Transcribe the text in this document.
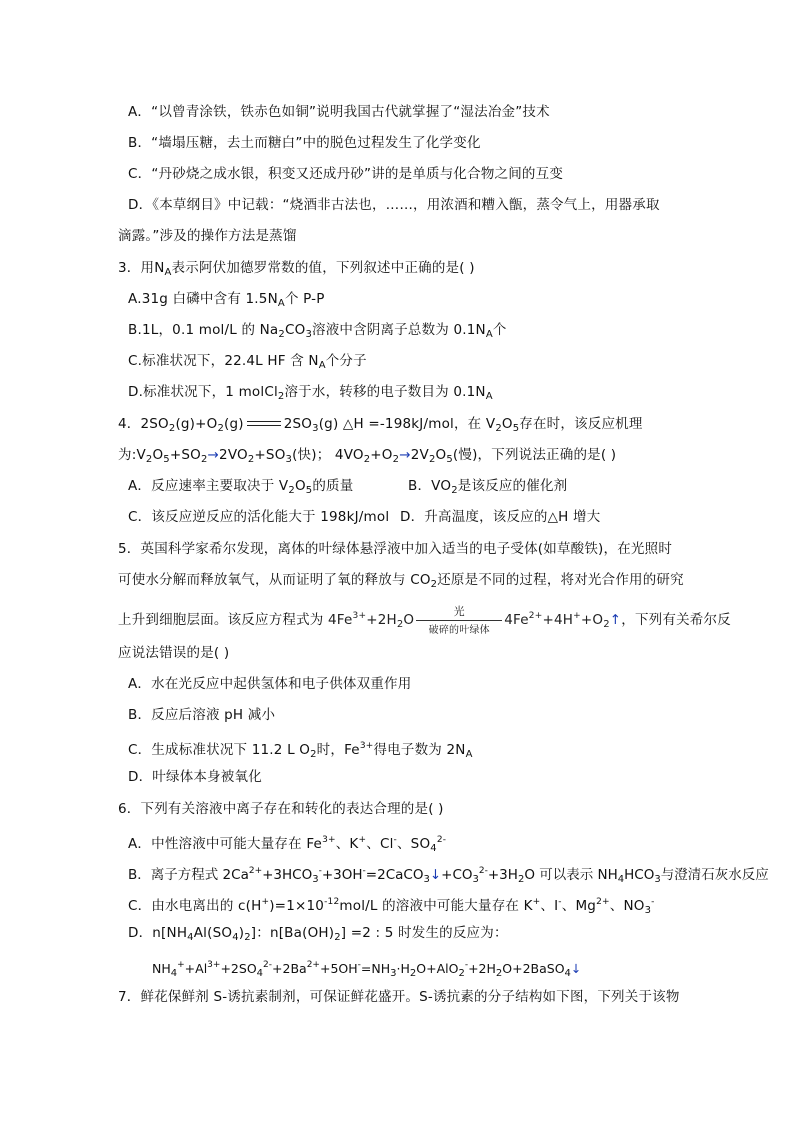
A．“以曾青涂铁，铁赤色如铜”说明我国古代就掌握了“湿法冶金”技术
B．“墙塌压糖，去土而糖白”中的脱色过程发生了化学变化
C．“丹砂烧之成水银，积变又还成丹砂”讲的是单质与化合物之间的互变
D．《本草纲目》中记载：“烧酒非古法也，……，用浓酒和糟入甑，蒸令气上，用器承取
滴露。”涉及的操作方法是蒸馏
3．用$N_A$表示阿伏加德罗常数的值，下列叙述中正确的是( )
A.31g 白磷中含有 $1.5N_A$个 P-P
B.1L，0.1 mol/L 的 $Na_2CO_3$溶液中含阴离子总数为 $0.1N_A$个
C.标准状况下，22.4L HF 含 $N_A$个分子
D.标准状况下，1 molCl$_2$溶于水，转移的电子数目为 $0.1N_A$
4．$2SO_2(g)+O_2(g)$	$2SO_3(g)$ △H =-198kJ/mol，在 $V_2O_5$存在时，该反应机理
为$:V_2O_5+SO_2\to 2VO_2+SO_3$(快)； $4VO_2+O_2\to 2V_2O_5$(慢)，下列说法正确的是( )
A．反应速率主要取决于 $V_2O_5$的质量	B．$VO_2$是该反应的催化剂
C．该反应逆反应的活化能大于 198kJ/mol D．升高温度，该反应的△H 增大
5．英国科学家希尔发现，离体的叶绿体悬浮液中加入适当的电子受体(如草酸铁)，在光照时
可使水分解而释放氧气，从而证明了氧的释放与 $CO_2$还原是不同的过程，将对光合作用的研究
上升到细胞层面。该反应方程式为 $4Fe^{3+}+2H_2O \frac{\text{光}}{\text{破碎的叶绿体}}$ $4Fe^{2+}+4H^++O_2↑$，下列有关希尔反
应说法错误的是( )
A．水在光反应中起供氢体和电子供体双重作用
B．反应后溶液 pH 减小
C．生成标准状况下 11.2 L $O_2$时，$Fe^{3+}$得电子数为 $2N_A$
D．叶绿体本身被氧化
6．下列有关溶液中离子存在和转化的表达合理的是( )
A．中性溶液中可能大量存在 $Fe^{3+}$、K+、Cl-、$SO_4^{2-}$
B．离子方程式 $2Ca^{2+}+3HCO_3^-+3OH^-=2CaCO_3↓+CO_3^{2-}+3H_2O$ 可以表示 $NH_4HCO_3$与澄清石灰水反应
C．由水电离出的 $c(H^+)=1\times 10^{-12}mol/L$ 的溶液中可能大量存在 K+、I-、$Mg^{2+}$、$NO_3^-$
D．$n[NH_4Al(SO_4)_2]$：$n[Ba(OH)_2] =2$ : 5 时发生的反应为：
$NH_4^++Al^{3+}+2SO_4^{2-}+2Ba^{2+}+5OH^-=NH_3\cdot H_2O+AlO_2^-+2H_2O+2BaSO_4↓$
7．鲜花保鲜剂 S-诱抗素制剂，可保证鲜花盛开。S-诱抗素的分子结构如下图，下列关于该物
